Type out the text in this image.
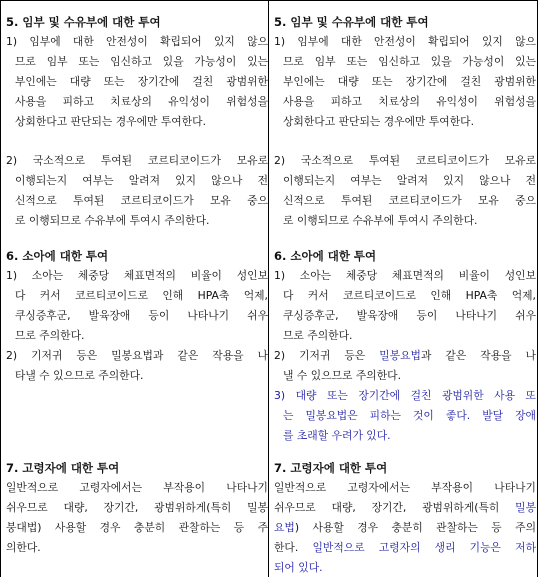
5. 임부 및 수유부에 대한 투여
1) 임부에 대한 안전성이 확립되어 있지 않으
므로 임부 또는 임신하고 있을 가능성이 있는
부인에는 대량 또는 장기간에 걸친 광범위한
사용을 피하고 치료상의 유익성이 위험성을
상회한다고 판단되는 경우에만 투여한다.
2) 국소적으로 투여된 코르티코이드가 모유로
이행되는지 여부는 알려져 있지 않으나 전
신적으로 투여된 코르티코이드가 모유 중으
로 이행되므로 수유부에 투여시 주의한다.
6. 소아에 대한 투여
1) 소아는 체중당 체표면적의 비율이 성인보
다 커서 코르티코이드로 인해 HPA축 억제,
쿠싱증후군, 발육장애 등이 나타나기 쉬우
므로 주의한다.
2) 기저귀 등은 밀봉요법과 같은 작용을 나
타낼 수 있으므로 주의한다.
7. 고령자에 대한 투여
일반적으로 고령자에서는 부작용이 나타나기
쉬우므로 대량, 장기간, 광범위하게(특히 밀봉
붕대법) 사용할 경우 충분히 관찰하는 등 주
의한다.
5. 임부 및 수유부에 대한 투여
1) 임부에 대한 안전성이 확립되어 있지 않으
므로 임부 또는 임신하고 있을 가능성이 있는
부인에는 대량 또는 장기간에 걸친 광범위한
사용을 피하고 치료상의 유익성이 위험성을
상회한다고 판단되는 경우에만 투여한다.
2) 국소적으로 투여된 코르티코이드가 모유로
이행되는지 여부는 알려져 있지 않으나 전
신적으로 투여된 코르티코이드가 모유 중으
로 이행되므로 수유부에 투여시 주의한다.
6. 소아에 대한 투여
1) 소아는 체중당 체표면적의 비율이 성인보
다 커서 코르티코이드로 인해 HPA축 억제,
쿠싱증후군, 발육장애 등이 나타나기 쉬우
므로 주의한다.
2) 기저귀 등은 밀봉요법과 같은 작용을 나
낼 수 있으므로 주의한다.
3) 대량 또는 장기간에 걸친 광범위한 사용 또
는 밀봉요법은 피하는 것이 좋다. 발달 장애
를 초래할 우려가 있다.
7. 고령자에 대한 투여
일반적으로 고령자에서는 부작용이 나타나기
쉬우므로 대량, 장기간, 광범위하게(특히 밀봉
요법) 사용할 경우 충분히 관찰하는 등 주의
한다. 일반적으로 고령자의 생리 기능은 저하
되어 있다.
